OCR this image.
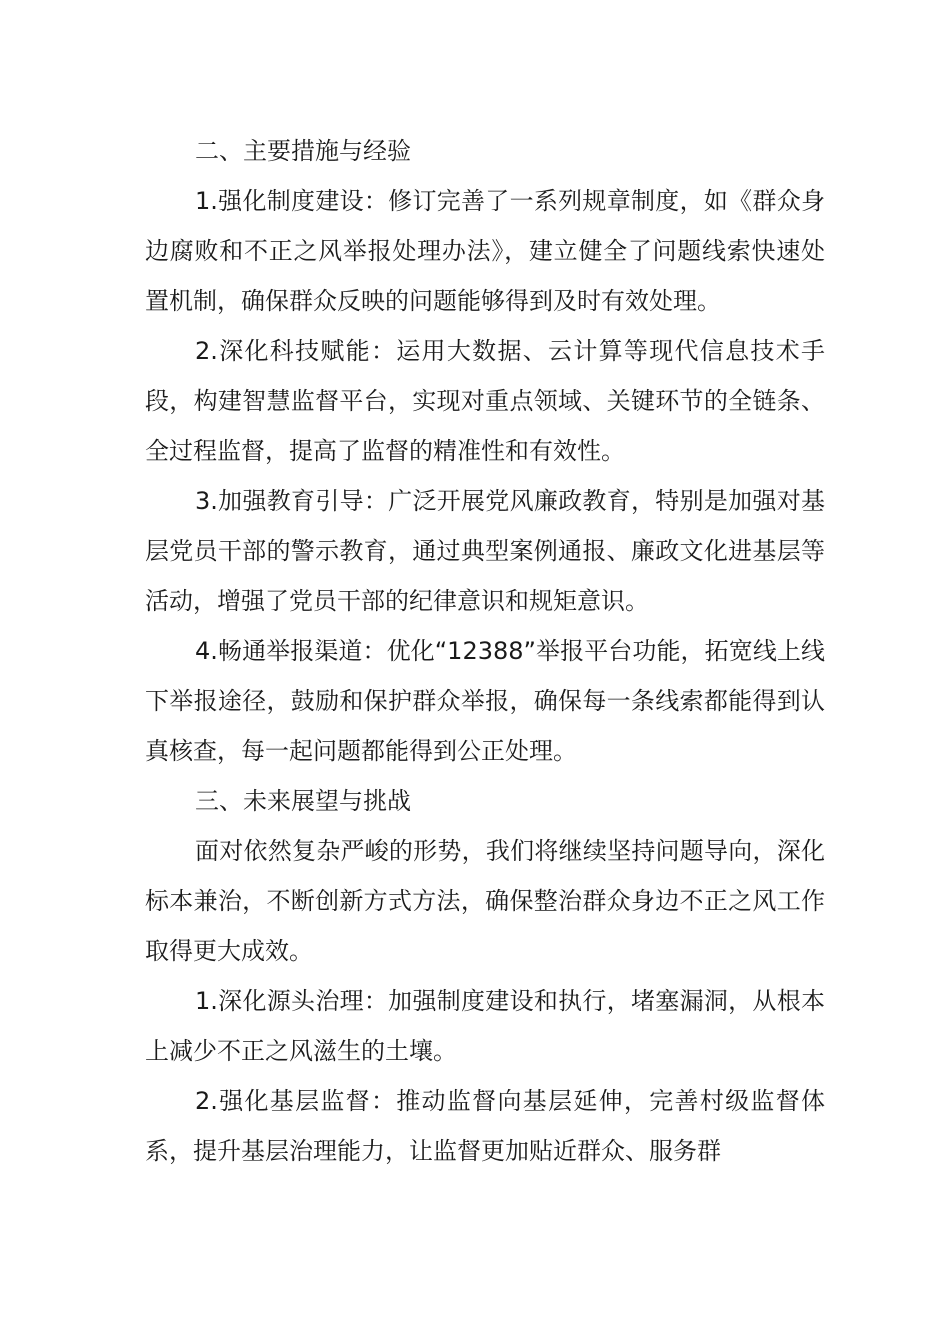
二、主要措施与经验

1.强化制度建设：修订完善了一系列规章制度，如《群众身边腐败和不正之风举报处理办法》，建立健全了问题线索快速处置机制，确保群众反映的问题能够得到及时有效处理。

2.深化科技赋能：运用大数据、云计算等现代信息技术手段，构建智慧监督平台，实现对重点领域、关键环节的全链条、全过程监督，提高了监督的精准性和有效性。

3.加强教育引导：广泛开展党风廉政教育，特别是加强对基层党员干部的警示教育，通过典型案例通报、廉政文化进基层等活动，增强了党员干部的纪律意识和规矩意识。

4.畅通举报渠道：优化“12388”举报平台功能，拓宽线上线下举报途径，鼓励和保护群众举报，确保每一条线索都能得到认真核查，每一起问题都能得到公正处理。

三、未来展望与挑战

面对依然复杂严峻的形势，我们将继续坚持问题导向，深化标本兼治，不断创新方式方法，确保整治群众身边不正之风工作取得更大成效。

1.深化源头治理：加强制度建设和执行，堵塞漏洞，从根本上减少不正之风滋生的土壤。

2.强化基层监督：推动监督向基层延伸，完善村级监督体系，提升基层治理能力，让监督更加贴近群众、服务群
